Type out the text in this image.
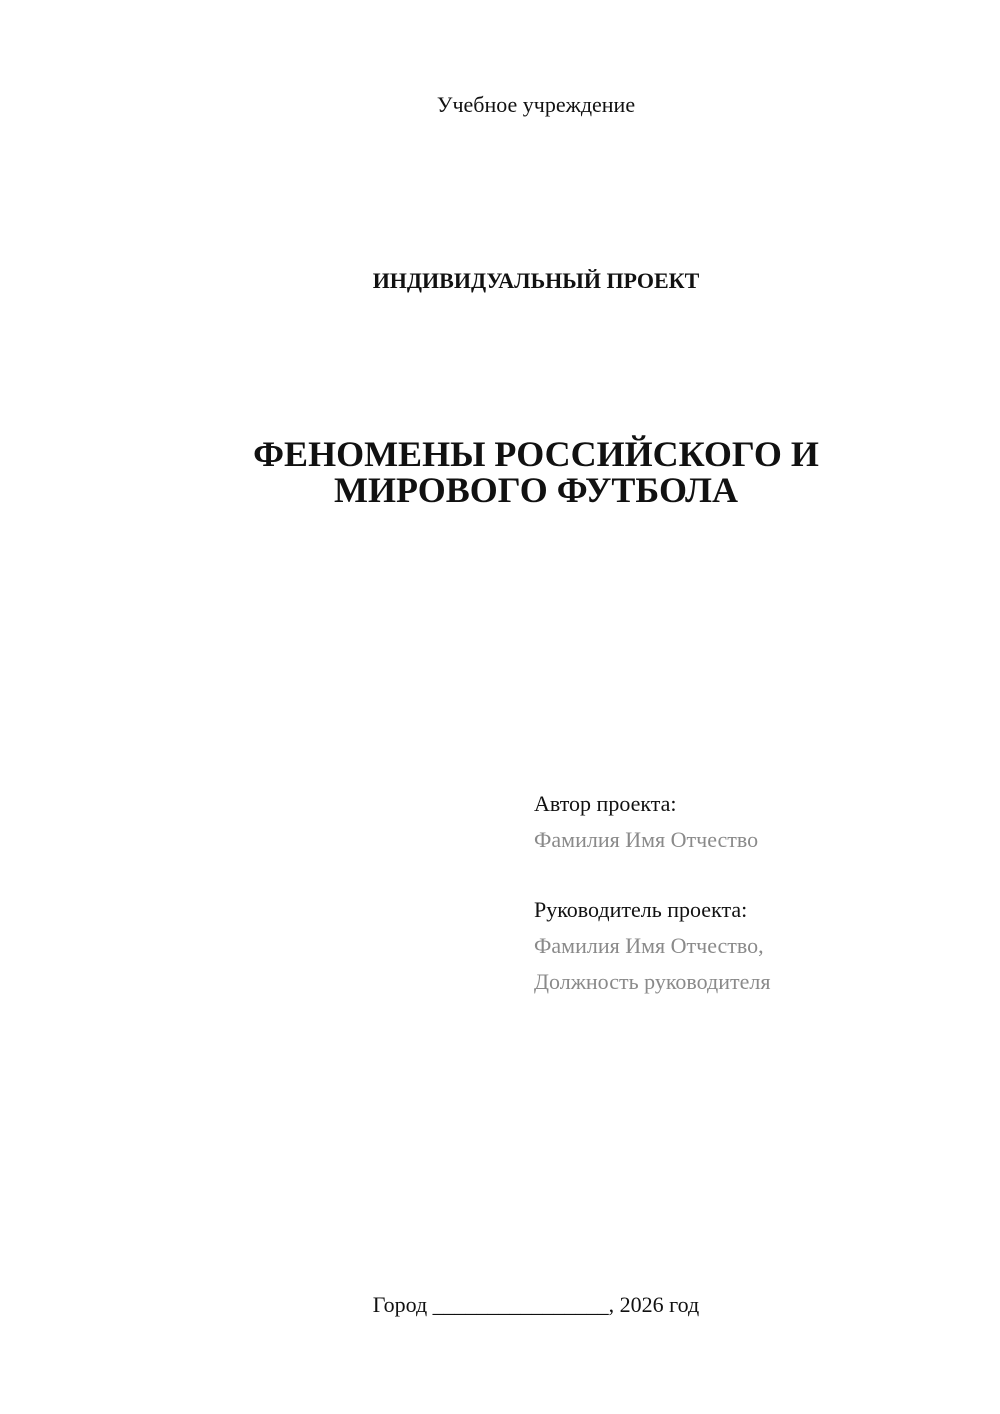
Учебное учреждение
ИНДИВИДУАЛЬНЫЙ ПРОЕКТ
ФЕНОМЕНЫ РОССИЙСКОГО И
МИРОВОГО ФУТБОЛА
Автор проекта:
Фамилия Имя Отчество
Руководитель проекта:
Фамилия Имя Отчество,
Должность руководителя
Город ________________, 2026 год
